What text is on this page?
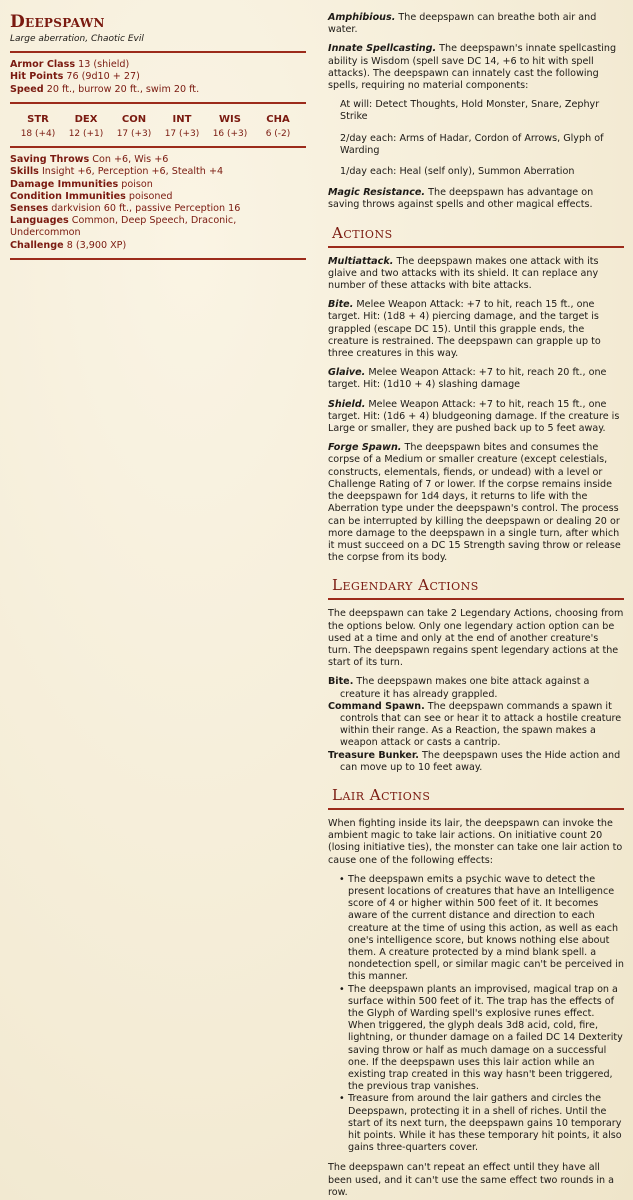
Deepspawn
Large aberration, Chaotic Evil
Armor Class 13 (shield)
Hit Points 76 (9d10 + 27)
Speed 20 ft., burrow 20 ft., swim 20 ft.
STR
18 (+4)
DEX
12 (+1)
CON
17 (+3)
INT
17 (+3)
WIS
16 (+3)
CHA
6 (-2)
Saving Throws Con +6, Wis +6
Skills Insight +6, Perception +6, Stealth +4
Damage Immunities poison
Condition Immunities poisoned
Senses darkvision 60 ft., passive Perception 16
Languages Common, Deep Speech, Draconic, Undercommon
Challenge 8 (3,900 XP)

Amphibious. The deepspawn can breathe both air and water.

Innate Spellcasting. The deepspawn's innate spellcasting ability is Wisdom (spell save DC 14, +6 to hit with spell attacks). The deepspawn can innately cast the following spells, requiring no material components:

At will: Detect Thoughts, Hold Monster, Snare, Zephyr Strike
2/day each: Arms of Hadar, Cordon of Arrows, Glyph of Warding
1/day each: Heal (self only), Summon Aberration

Magic Resistance. The deepspawn has advantage on saving throws against spells and other magical effects.

Actions

Multiattack. The deepspawn makes one attack with its glaive and two attacks with its shield. It can replace any number of these attacks with bite attacks.

Bite. Melee Weapon Attack: +7 to hit, reach 15 ft., one target. Hit: (1d8 + 4) piercing damage, and the target is grappled (escape DC 15). Until this grapple ends, the creature is restrained. The deepspawn can grapple up to three creatures in this way.

Glaive. Melee Weapon Attack: +7 to hit, reach 20 ft., one target. Hit: (1d10 + 4) slashing damage

Shield. Melee Weapon Attack: +7 to hit, reach 15 ft., one target. Hit: (1d6 + 4) bludgeoning damage. If the creature is Large or smaller, they are pushed back up to 5 feet away.

Forge Spawn. The deepspawn bites and consumes the corpse of a Medium or smaller creature (except celestials, constructs, elementals, fiends, or undead) with a level or Challenge Rating of 7 or lower. If the corpse remains inside the deepspawn for 1d4 days, it returns to life with the Aberration type under the deepspawn's control. The process can be interrupted by killing the deepspawn or dealing 20 or more damage to the deepspawn in a single turn, after which it must succeed on a DC 15 Strength saving throw or release the corpse from its body.

Legendary Actions

The deepspawn can take 2 Legendary Actions, choosing from the options below. Only one legendary action option can be used at a time and only at the end of another creature's turn. The deepspawn regains spent legendary actions at the start of its turn.

Bite. The deepspawn makes one bite attack against a creature it has already grappled.
Command Spawn. The deepspawn commands a spawn it controls that can see or hear it to attack a hostile creature within their range. As a Reaction, the spawn makes a weapon attack or casts a cantrip.
Treasure Bunker. The deepspawn uses the Hide action and can move up to 10 feet away.
Lair Actions

When fighting inside its lair, the deepspawn can invoke the ambient magic to take lair actions. On initiative count 20 (losing initiative ties), the monster can take one lair action to cause one of the following effects:

• The deepspawn emits a psychic wave to detect the present locations of creatures that have an Intelligence score of 4 or higher within 500 feet of it. It becomes aware of the current distance and direction to each creature at the time of using this action, as well as each one's intelligence score, but knows nothing else about them. A creature protected by a mind blank spell. a nondetection spell, or similar magic can't be perceived in this manner.
• The deepspawn plants an improvised, magical trap on a surface within 500 feet of it. The trap has the effects of the Glyph of Warding spell's explosive runes effect. When triggered, the glyph deals 3d8 acid, cold, fire, lightning, or thunder damage on a failed DC 14 Dexterity saving throw or half as much damage on a successful one. If the deepspawn uses this lair action while an existing trap created in this way hasn't been triggered, the previous trap vanishes.
• Treasure from around the lair gathers and circles the Deepspawn, protecting it in a shell of riches. Until the start of its next turn, the deepspawn gains 10 temporary hit points. While it has these temporary hit points, it also gains three-quarters cover.

The deepspawn can't repeat an effect until they have all been used, and it can't use the same effect two rounds in a row.
